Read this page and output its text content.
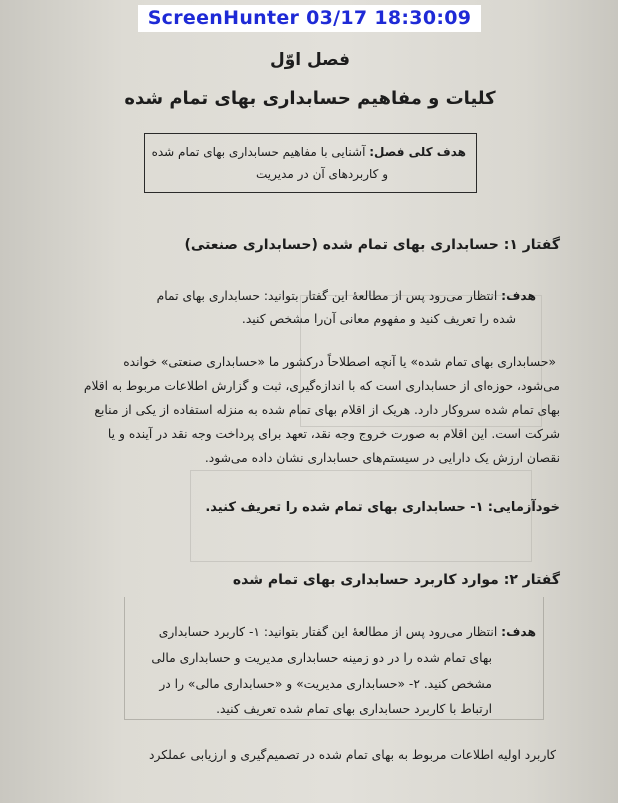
ScreenHunter 03/17 18:30:09
فصل اوّل
کلیات و مفاهیم حسابداری بهای تمام شده
هدف کلی فصل: آشنایی با مفاهیم حسابداری بهای تمام شده
و کاربردهای آن در مدیریت
گفتار ۱: حسابداری بهای تمام شده (حسابداری صنعتی)
هدف: انتظار می‌رود پس از مطالعهٔ این گفتار بتوانید: حسابداری بهای تمام
شده را تعریف کنید و مفهوم معانی آن‌را مشخص کنید.
«حسابداری بهای تمام شده» یا آنچه اصطلاحاً درکشور ما «حسابداری صنعتی» خوانده
می‌شود، حوزه‌ای از حسابداری است که با اندازه‌گیری، ثبت و گزارش اطلاعات مربوط به اقلام
بهای تمام شده سروکار دارد. هریک از اقلام بهای تمام شده به منزله استفاده از یکی از منابع
شرکت است. این اقلام به صورت خروج وجه نقد، تعهد برای پرداخت وجه نقد در آینده و یا
نقصان ارزش یک دارایی در سیستم‌های حسابداری نشان داده می‌شود.
خودآزمایی: ۱- حسابداری بهای تمام شده را تعریف کنید.
گفتار ۲: موارد کاربرد حسابداری بهای تمام شده
هدف: انتظار می‌رود پس از مطالعهٔ این گفتار بتوانید: ۱- کاربرد حسابداری
بهای تمام شده را در دو زمینه حسابداری مدیریت و حسابداری مالی
مشخص کنید. ۲- «حسابداری مدیریت» و «حسابداری مالی» را در
ارتباط با کاربرد حسابداری بهای تمام شده تعریف کنید.
کاربرد اولیه اطلاعات مربوط به بهای تمام شده در تصمیم‌گیری و ارزیابی عملکرد
